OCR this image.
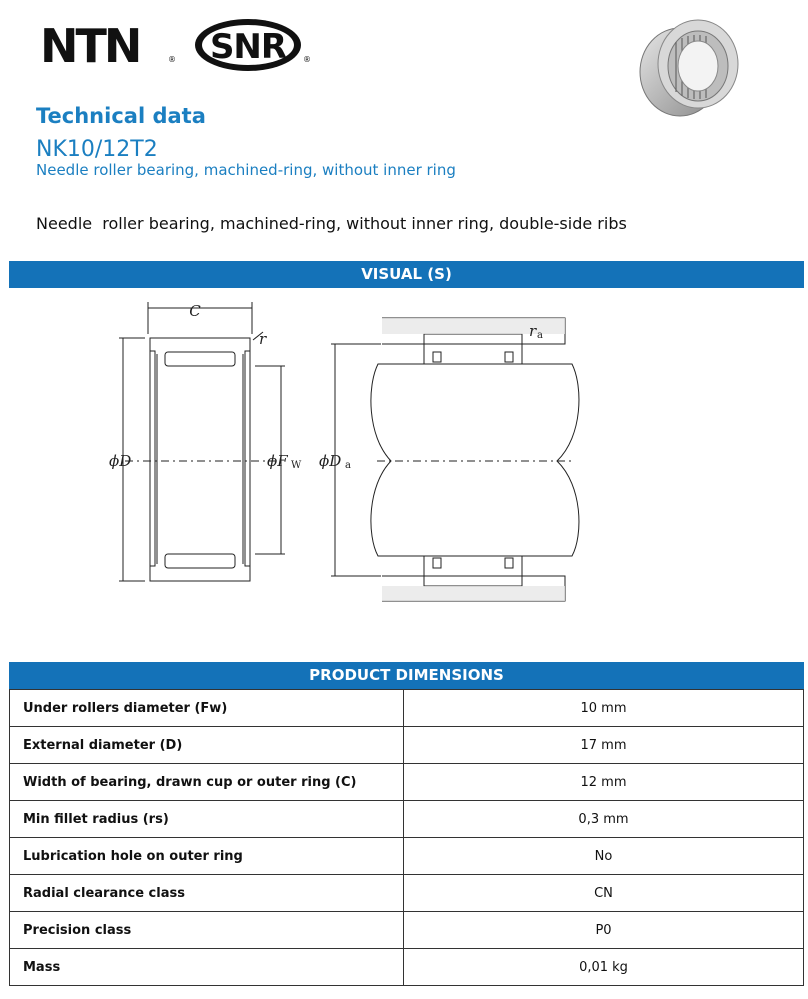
NTN	® SNR ®
Technical data
NK10/12T2
Needle roller bearing, machined-ring, without inner ring
Needle  roller bearing, machined-ring, without inner ring, double-side ribs
VISUAL (S)
C
r
ϕD	ϕF W ϕD a
r a
PRODUCT DIMENSIONS
Under rollers diameter (Fw)	10 mm
External diameter (D)	17 mm
Width of bearing, drawn cup or outer ring (C)	12 mm
Min fillet radius (rs)	0,3 mm
Lubrication hole on outer ring	No
Radial clearance class	CN
Precision class	P0
Mass	0,01 kg
